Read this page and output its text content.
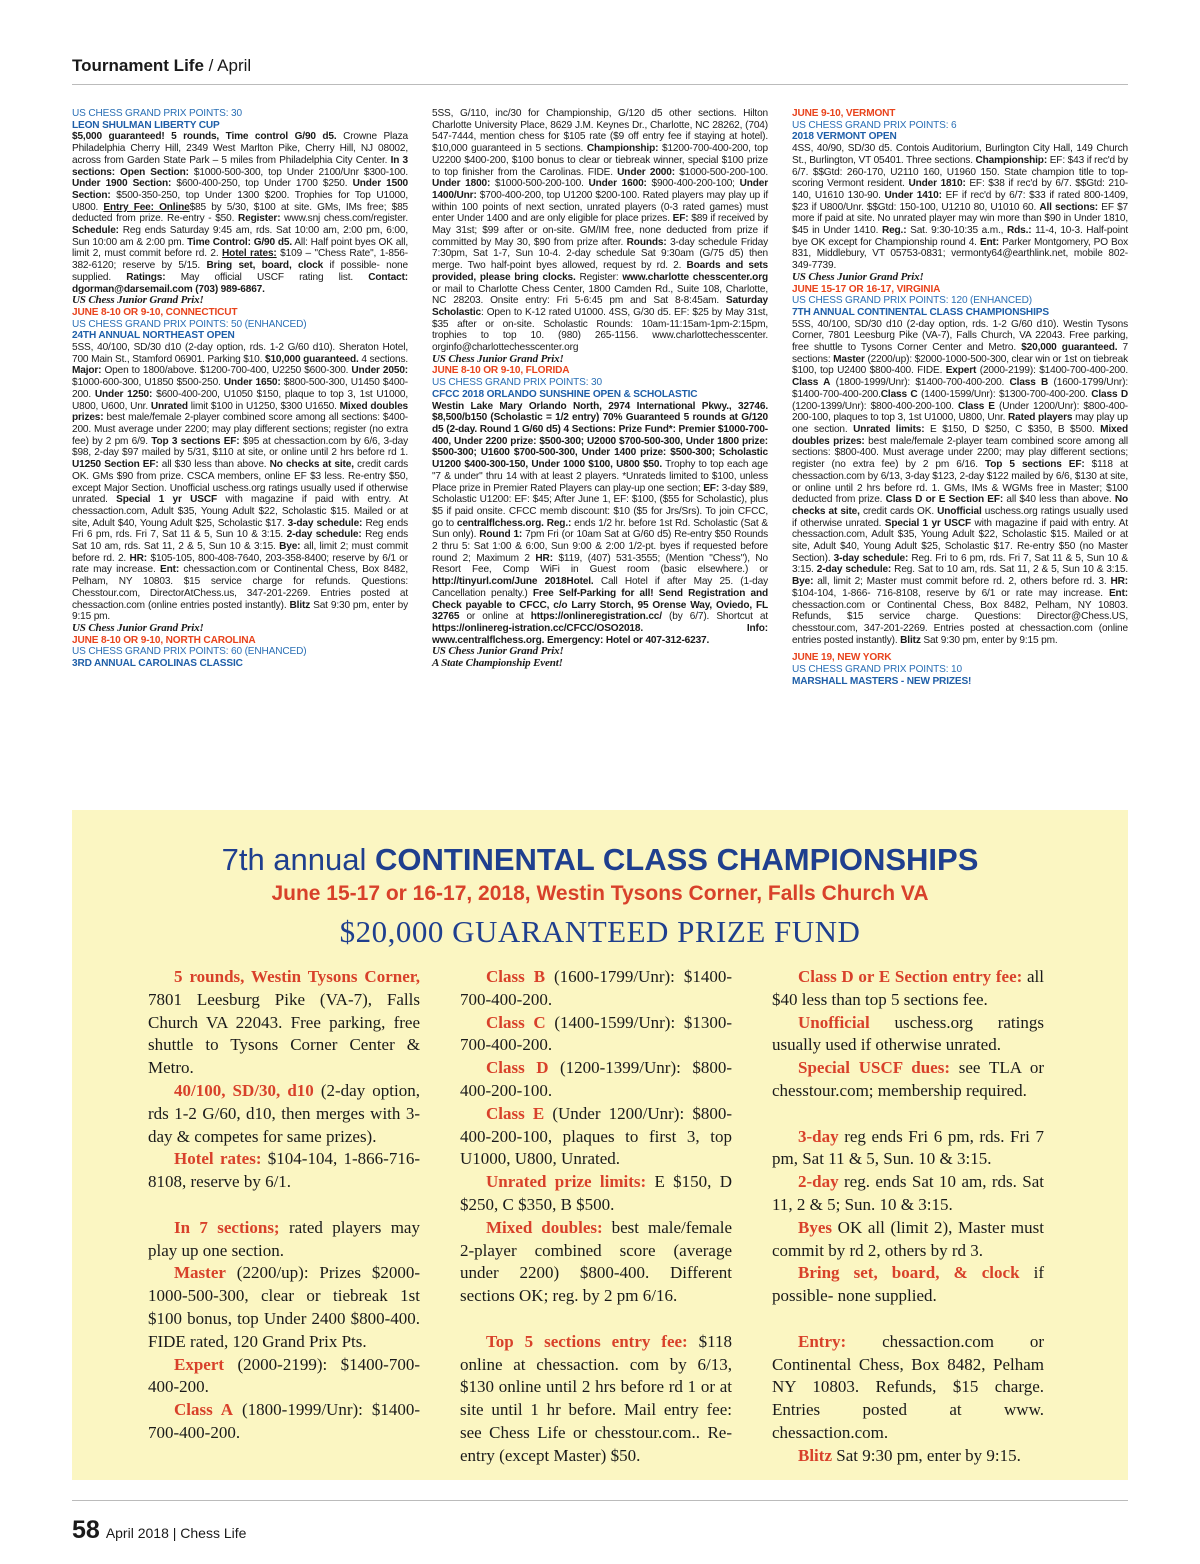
Tournament Life / April

US CHESS GRAND PRIX POINTS: 30

LEON SHULMAN LIBERTY CUP

$5,000 guaranteed! 5 rounds, Time control G/90 d5. Crowne Plaza Philadelphia Cherry Hill, 2349 West Marlton Pike, Cherry Hill, NJ 08002, across from Garden State Park – 5 miles from Philadelphia City Center. In 3 sections: Open Section: $1000-500-300, top Under 2100/Unr $300-100. Under 1900 Section: $600-400-250, top Under 1700 $250. Under 1500 Section: $500-350-250, top Under 1300 $200. Trophies for Top U1000, U800. Entry Fee: Online$85 by 5/30, $100 at site. GMs, IMs free; $85 deducted from prize. Re-entry - $50. Register: www.snj chess.com/register. Schedule: Reg ends Saturday 9:45 am, rds. Sat 10:00 am, 2:00 pm, 6:00, Sun 10:00 am & 2:00 pm. Time Control: G/90 d5. All: Half point byes OK all, limit 2, must commit before rd. 2. Hotel rates: $109 – "Chess Rate", 1-856-382-6120; reserve by 5/15. Bring set, board, clock if possible- none supplied. Ratings: May official USCF rating list. Contact: dgorman@darsemail.com (703) 989-6867.

US Chess Junior Grand Prix!

JUNE 8-10 OR 9-10, CONNECTICUT

US CHESS GRAND PRIX POINTS: 50 (ENHANCED)

24TH ANNUAL NORTHEAST OPEN

5SS, 40/100, SD/30 d10 (2-day option, rds. 1-2 G/60 d10). Sheraton Hotel, 700 Main St., Stamford 06901. Parking $10. $10,000 guaranteed. 4 sections. Major: Open to 1800/above. $1200-700-400, U2250 $600-300. Under 2050: $1000-600-300, U1850 $500-250. Under 1650: $800-500-300, U1450 $400-200. Under 1250: $600-400-200, U1050 $150, plaque to top 3, 1st U1000, U800, U600, Unr. Unrated limit $100 in U1250, $300 U1650. Mixed doubles prizes: best male/female 2-player combined score among all sections: $400-200. Must average under 2200; may play different sections; register (no extra fee) by 2 pm 6/9. Top 3 sections EF: $95 at chessaction.com by 6/6, 3-day $98, 2-day $97 mailed by 5/31, $110 at site, or online until 2 hrs before rd 1. U1250 Section EF: all $30 less than above. No checks at site, credit cards OK. GMs $90 from prize. CSCA members, online EF $3 less. Re-entry $50, except Major Section. Unofficial uschess.org ratings usually used if otherwise unrated. Special 1 yr USCF with magazine if paid with entry. At chessaction.com, Adult $35, Young Adult $22, Scholastic $15. Mailed or at site, Adult $40, Young Adult $25, Scholastic $17. 3-day schedule: Reg ends Fri 6 pm, rds. Fri 7, Sat 11 & 5, Sun 10 & 3:15. 2-day schedule: Reg ends Sat 10 am, rds. Sat 11, 2 & 5, Sun 10 & 3:15. Bye: all, limit 2; must commit before rd. 2. HR: $105-105, 800-408-7640, 203-358-8400; reserve by 6/1 or rate may increase. Ent: chessaction.com or Continental Chess, Box 8482, Pelham, NY 10803. $15 service charge for refunds. Questions: Chesstour.com, DirectorAtChess.us, 347-201-2269. Entries posted at chessaction.com (online entries posted instantly). Blitz Sat 9:30 pm, enter by 9:15 pm.

US Chess Junior Grand Prix!

JUNE 8-10 OR 9-10, NORTH CAROLINA

US CHESS GRAND PRIX POINTS: 60 (ENHANCED)

3RD ANNUAL CAROLINAS CLASSIC

5SS, G/110, inc/30 for Championship, G/120 d5 other sections. Hilton Charlotte University Place, 8629 J.M. Keynes Dr., Charlotte, NC 28262, (704) 547-7444, mention chess for $105 rate ($9 off entry fee if staying at hotel). $10,000 guaranteed in 5 sections. Championship: $1200-700-400-200, top U2200 $400-200, $100 bonus to clear or tiebreak winner, special $100 prize to top finisher from the Carolinas. FIDE. Under 2000: $1000-500-200-100. Under 1800: $1000-500-200-100. Under 1600: $900-400-200-100; Under 1400/Unr: $700-400-200, top U1200 $200-100. Rated players may play up if within 100 points of next section, unrated players (0-3 rated games) must enter Under 1400 and are only eligible for place prizes. EF: $89 if received by May 31st; $99 after or on-site. GM/IM free, none deducted from prize if committed by May 30, $90 from prize after. Rounds: 3-day schedule Friday 7:30pm, Sat 1-7, Sun 10-4. 2-day schedule Sat 9:30am (G/75 d5) then merge. Two half-point byes allowed, request by rd. 2. Boards and sets provided, please bring clocks. Register: www.charlotte chesscenter.org or mail to Charlotte Chess Center, 1800 Camden Rd., Suite 108, Charlotte, NC 28203. Onsite entry: Fri 5-6:45 pm and Sat 8-8:45am. Saturday Scholastic: Open to K-12 rated U1000. 4SS, G/30 d5. EF: $25 by May 31st, $35 after or on-site. Scholastic Rounds: 10am-11:15am-1pm-2:15pm, trophies to top 10. (980) 265-1156. www.charlottechesscenter. orginfo@charlottechesscenter.org

US Chess Junior Grand Prix!

JUNE 8-10 OR 9-10, FLORIDA

US CHESS GRAND PRIX POINTS: 30

CFCC 2018 ORLANDO SUNSHINE OPEN & SCHOLASTIC

Westin Lake Mary Orlando North, 2974 International Pkwy., 32746. $8,500/b150 (Scholastic = 1/2 entry) 70% Guaranteed 5 rounds at G/120 d5 (2-day. Round 1 G/60 d5) 4 Sections: Prize Fund*: Premier $1000-700-400, Under 2200 prize: $500-300; U2000 $700-500-300, Under 1800 prize: $500-300; U1600 $700-500-300, Under 1400 prize: $500-300; Scholastic U1200 $400-300-150, Under 1000 $100, U800 $50. Trophy to top each age "7 & under" thru 14 with at least 2 players. *Unrateds limited to $100, unless Place prize in Premier Rated Players can play-up one section; EF: 3-day $89, Scholastic U1200: EF: $45; After June 1, EF: $100, ($55 for Scholastic), plus $5 if paid onsite. CFCC memb discount: $10 ($5 for Jrs/Srs). To join CFCC, go to centralflchess.org. Reg.: ends 1/2 hr. before 1st Rd. Scholastic (Sat & Sun only). Round 1: 7pm Fri (or 10am Sat at G/60 d5) Re-entry $50 Rounds 2 thru 5: Sat 1:00 & 6:00, Sun 9:00 & 2:00 1/2-pt. byes if requested before round 2; Maximum 2 HR: $119, (407) 531-3555; (Mention "Chess"), No Resort Fee, Comp WiFi in Guest room (basic elsewhere.) or http://tinyurl.com/June 2018Hotel. Call Hotel if after May 25. (1-day Cancellation penalty.) Free Self-Parking for all! Send Registration and Check payable to CFCC, c/o Larry Storch, 95 Orense Way, Oviedo, FL 32765 or online at https://onlineregistration.cc/ (by 6/7). Shortcut at https://onlinereg-istration.cc/CFCC/OSO2018. Info: www.centralflchess.org. Emergency: Hotel or 407-312-6237.

US Chess Junior Grand Prix!

A State Championship Event!

JUNE 9-10, VERMONT

US CHESS GRAND PRIX POINTS: 6

2018 VERMONT OPEN

4SS, 40/90, SD/30 d5. Contois Auditorium, Burlington City Hall, 149 Church St., Burlington, VT 05401. Three sections. Championship: EF: $43 if rec'd by 6/7. $$Gtd: 260-170, U2110 160, U1960 150. State champion title to top-scoring Vermont resident. Under 1810: EF: $38 if rec'd by 6/7. $$Gtd: 210-140, U1610 130-90. Under 1410: EF if rec'd by 6/7: $33 if rated 800-1409, $23 if U800/Unr. $$Gtd: 150-100, U1210 80, U1010 60. All sections: EF $7 more if paid at site. No unrated player may win more than $90 in Under 1810, $45 in Under 1410. Reg.: Sat. 9:30-10:35 a.m., Rds.: 11-4, 10-3. Half-point bye OK except for Championship round 4. Ent: Parker Montgomery, PO Box 831, Middlebury, VT 05753-0831; vermonty64@earthlink.net, mobile 802-349-7739.

US Chess Junior Grand Prix!

JUNE 15-17 OR 16-17, VIRGINIA

US CHESS GRAND PRIX POINTS: 120 (ENHANCED)

7TH ANNUAL CONTINENTAL CLASS CHAMPIONSHIPS

5SS, 40/100, SD/30 d10 (2-day option, rds. 1-2 G/60 d10). Westin Tysons Corner, 7801 Leesburg Pike (VA-7), Falls Church, VA 22043. Free parking, free shuttle to Tysons Corner Center and Metro. $20,000 guaranteed. 7 sections: Master (2200/up): $2000-1000-500-300, clear win or 1st on tiebreak $100, top U2400 $800-400. FIDE. Expert (2000-2199): $1400-700-400-200. Class A (1800-1999/Unr): $1400-700-400-200. Class B (1600-1799/Unr): $1400-700-400-200.Class C (1400-1599/Unr): $1300-700-400-200. Class D (1200-1399/Unr): $800-400-200-100. Class E (Under 1200/Unr): $800-400-200-100, plaques to top 3, 1st U1000, U800, Unr. Rated players may play up one section. Unrated limits: E $150, D $250, C $350, B $500. Mixed doubles prizes: best male/female 2-player team combined score among all sections: $800-400. Must average under 2200; may play different sections; register (no extra fee) by 2 pm 6/16. Top 5 sections EF: $118 at chessaction.com by 6/13, 3-day $123, 2-day $122 mailed by 6/6, $130 at site, or online until 2 hrs before rd. 1. GMs, IMs & WGMs free in Master; $100 deducted from prize. Class D or E Section EF: all $40 less than above. No checks at site, credit cards OK. Unofficial uschess.org ratings usually used if otherwise unrated. Special 1 yr USCF with magazine if paid with entry. At chessaction.com, Adult $35, Young Adult $22, Scholastic $15. Mailed or at site, Adult $40, Young Adult $25, Scholastic $17. Re-entry $50 (no Master Section). 3-day schedule: Reg. Fri to 6 pm, rds. Fri 7, Sat 11 & 5, Sun 10 & 3:15. 2-day schedule: Reg. Sat to 10 am, rds. Sat 11, 2 & 5, Sun 10 & 3:15. Bye: all, limit 2; Master must commit before rd. 2, others before rd. 3. HR: $104-104, 1-866- 716-8108, reserve by 6/1 or rate may increase. Ent: chessaction.com or Continental Chess, Box 8482, Pelham, NY 10803. Refunds, $15 service charge. Questions: Director@Chess.US, chesstour.com, 347-201-2269. Entries posted at chessaction.com (online entries posted instantly). Blitz Sat 9:30 pm, enter by 9:15 pm.

JUNE 19, NEW YORK

US CHESS GRAND PRIX POINTS: 10

MARSHALL MASTERS - NEW PRIZES!

7th annual CONTINENTAL CLASS CHAMPIONSHIPS
June 15-17 or 16-17, 2018, Westin Tysons Corner, Falls Church VA
$20,000 GUARANTEED PRIZE FUND

5 rounds, Westin Tysons Corner, 7801 Leesburg Pike (VA-7), Falls Church VA 22043. Free parking, free shuttle to Tysons Corner Center & Metro.

40/100, SD/30, d10 (2-day option, rds 1-2 G/60, d10, then merges with 3-day & competes for same prizes).

Hotel rates: $104-104, 1-866-716-8108, reserve by 6/1.

In 7 sections; rated players may play up one section.

Master (2200/up): Prizes $2000-1000-500-300, clear or tiebreak 1st $100 bonus, top Under 2400 $800-400. FIDE rated, 120 Grand Prix Pts.

Expert (2000-2199): $1400-700-400-200.

Class A (1800-1999/Unr): $1400-700-400-200.

Class B (1600-1799/Unr): $1400-700-400-200.

Class C (1400-1599/Unr): $1300-700-400-200.

Class D (1200-1399/Unr): $800-400-200-100.

Class E (Under 1200/Unr): $800-400-200-100, plaques to first 3, top U1000, U800, Unrated.

Unrated prize limits: E $150, D $250, C $350, B $500.

Mixed doubles: best male/female 2-player combined score (average under 2200) $800-400. Different sections OK; reg. by 2 pm 6/16.

Top 5 sections entry fee: $118 online at chessaction. com by 6/13, $130 online until 2 hrs before rd 1 or at site until 1 hr before. Mail entry fee: see Chess Life or chesstour.com.. Re-entry (except Master) $50.

Class D or E Section entry fee: all $40 less than top 5 sections fee.

Unofficial uschess.org ratings usually used if otherwise unrated.

Special USCF dues: see TLA or chesstour.com; membership required.

3-day reg ends Fri 6 pm, rds. Fri 7 pm, Sat 11 & 5, Sun. 10 & 3:15.

2-day reg. ends Sat 10 am, rds. Sat 11, 2 & 5; Sun. 10 & 3:15.

Byes OK all (limit 2), Master must commit by rd 2, others by rd 3.

Bring set, board, & clock if possible- none supplied.

Entry: chessaction.com or Continental Chess, Box 8482, Pelham NY 10803. Refunds, $15 charge. Entries posted at www. chessaction.com.

Blitz Sat 9:30 pm, enter by 9:15.

58 April 2018 | Chess Life
